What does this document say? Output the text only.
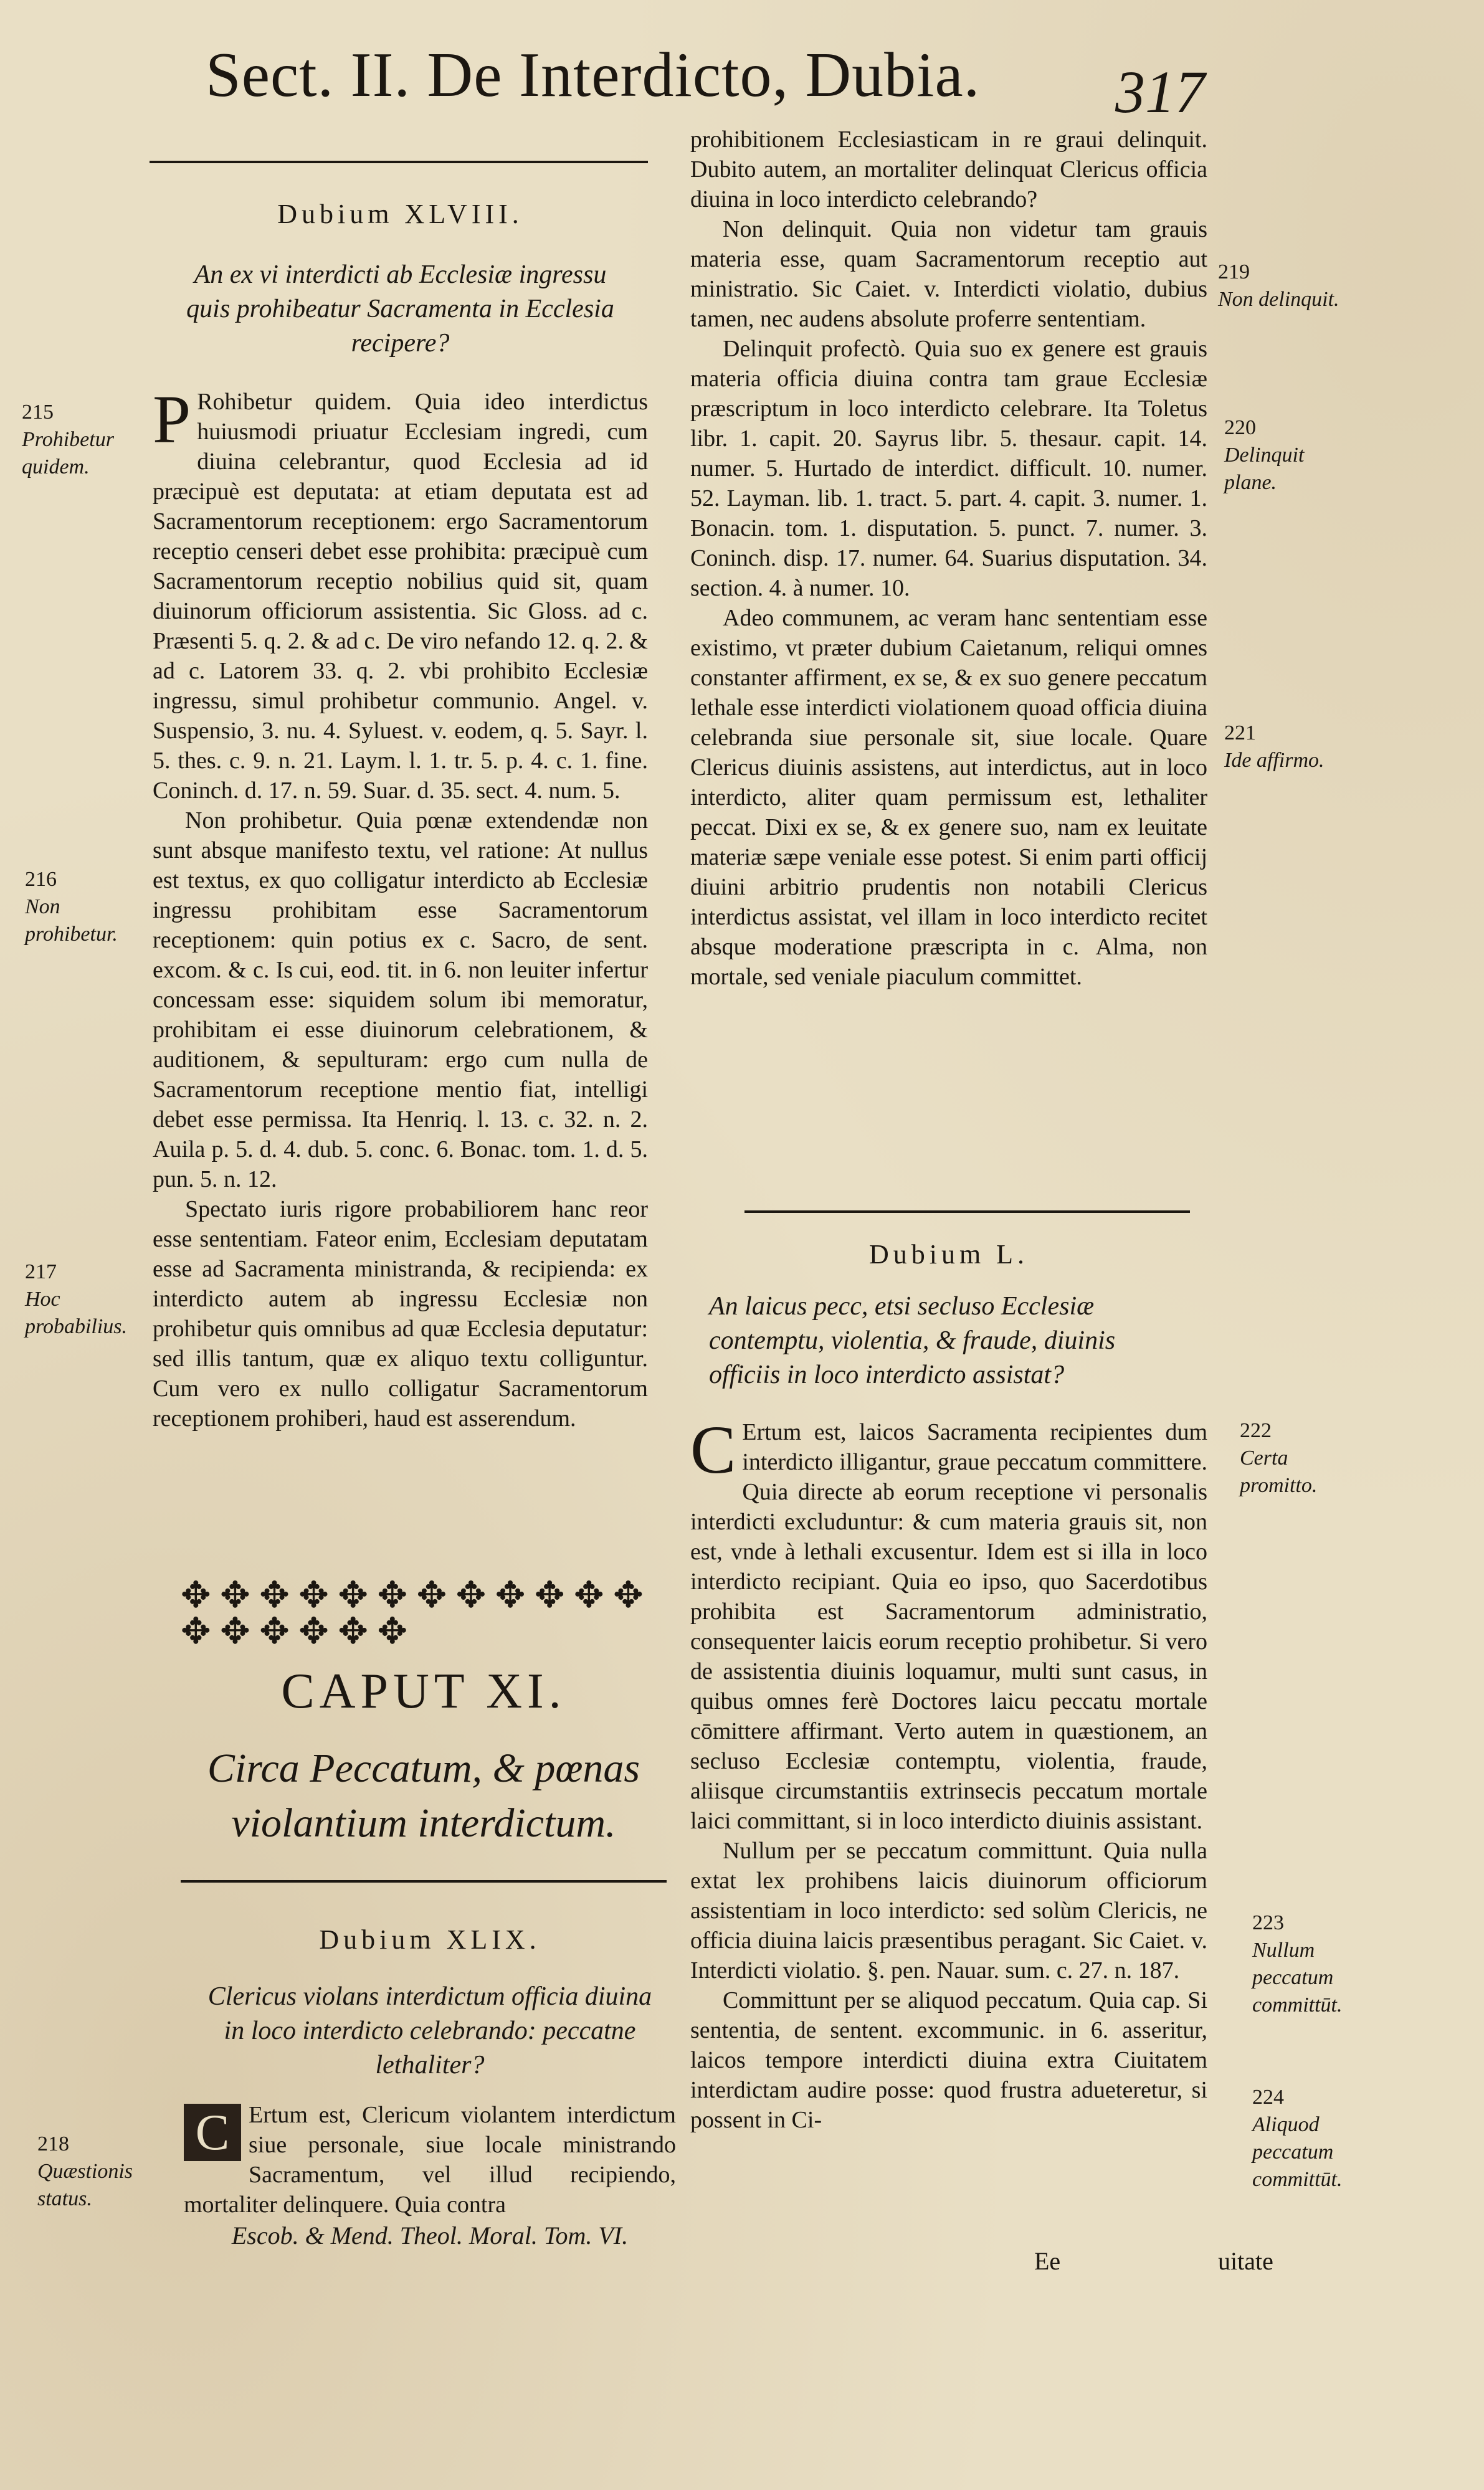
Sect. II. De Interdicto, Dubia. 317
Dubium XLVIII.
An ex vi interdicti ab Ecclesiæ ingressu quis prohibeatur Sacramenta in Ecclesia recipere?

P Rohibetur quidem. Quia ideo interdictus huiusmodi priuatur Ecclesiam ingredi, cum diuina celebrantur, quod Ecclesia ad id præcipuè est deputata: at etiam deputata est ad Sacramentorum receptionem: ergo Sacramentorum receptio censeri debet esse prohibita: præcipuè cum Sacramentorum receptio nobilius quid sit, quam diuinorum officiorum assistentia. Sic Gloss. ad c. Præsenti 5. q. 2. & ad c. De viro nefando 12. q. 2. & ad c. Latorem 33. q. 2. vbi prohibito Ecclesiæ ingressu, simul prohibetur communio. Angel. v. Suspensio, 3. nu. 4. Syluest. v. eodem, q. 5. Sayr. l. 5. thes. c. 9. n. 21. Laym. l. 1. tr. 5. p. 4. c. 1. fine. Coninch. d. 17. n. 59. Suar. d. 35. sect. 4. num. 5.

Non prohibetur. Quia pœnæ extendendæ non sunt absque manifesto textu, vel ratione: At nullus est textus, ex quo colligatur interdicto ab Ecclesiæ ingressu prohibitam esse Sacramentorum receptionem: quin potius ex c. Sacro, de sent. excom. & c. Is cui, eod. tit. in 6. non leuiter infertur concessam esse: siquidem solum ibi memoratur, prohibitam ei esse diuinorum celebrationem, & auditionem, & sepulturam: ergo cum nulla de Sacramentorum receptione mentio fiat, intelligi debet esse permissa. Ita Henriq. l. 13. c. 32. n. 2. Auila p. 5. d. 4. dub. 5. conc. 6. Bonac. tom. 1. d. 5. pun. 5. n. 12.

Spectato iuris rigore probabiliorem hanc reor esse sententiam. Fateor enim, Ecclesiam deputatam esse ad Sacramenta ministranda, & recipienda: ex interdicto autem ab ingressu Ecclesiæ non prohibetur quis omnibus ad quæ Ecclesia deputatur: sed illis tantum, quæ ex aliquo textu colliguntur. Cum vero ex nullo colligatur Sacramentorum receptionem prohiberi, haud est asserendum.

✥ ✥ ✥ ✥ ✥ ✥ ✥ ✥ ✥ ✥ ✥ ✥ ✥ ✥ ✥ ✥ ✥ ✥
CAPUT XI.
Circa Peccatum, & pœnas violantium interdictum.
Dubium XLIX.
Clericus violans interdictum officia diuina in loco interdicto celebrando: peccatne lethaliter?

C Ertum est, Clericum violantem interdictum siue personale, siue locale ministrando Sacramentum, vel illud recipiendo, mortaliter delinquere. Quia contra

Escob. & Mend. Theol. Moral. Tom. VI.

prohibitionem Ecclesiasticam in re graui delinquit. Dubito autem, an mortaliter delinquat Clericus officia diuina in loco interdicto celebrando?

Non delinquit. Quia non videtur tam grauis materia esse, quam Sacramentorum receptio aut ministratio. Sic Caiet. v. Interdicti violatio, dubius tamen, nec audens absolute proferre sententiam.

Delinquit profectò. Quia suo ex genere est grauis materia officia diuina contra tam graue Ecclesiæ præscriptum in loco interdicto celebrare. Ita Toletus libr. 1. capit. 20. Sayrus libr. 5. thesaur. capit. 14. numer. 5. Hurtado de interdict. difficult. 10. numer. 52. Layman. lib. 1. tract. 5. part. 4. capit. 3. numer. 1. Bonacin. tom. 1. disputation. 5. punct. 7. numer. 3. Coninch. disp. 17. numer. 64. Suarius disputation. 34. section. 4. à numer. 10.

Adeo communem, ac veram hanc sententiam esse existimo, vt præter dubium Caietanum, reliqui omnes constanter affirment, ex se, & ex suo genere peccatum lethale esse interdicti violationem quoad officia diuina celebranda siue personale sit, siue locale. Quare Clericus diuinis assistens, aut interdictus, aut in loco interdicto, aliter quam permissum est, lethaliter peccat. Dixi ex se, & ex genere suo, nam ex leuitate materiæ sæpe veniale esse potest. Si enim parti officij diuini arbitrio prudentis non notabili Clericus interdictus assistat, vel illam in loco interdicto recitet absque moderatione præscripta in c. Alma, non mortale, sed veniale piaculum committet.

Dubium L.
An laicus pecc, etsi secluso Ecclesiæ contemptu, violentia, & fraude, diuinis officiis in loco interdicto assistat?

C Ertum est, laicos Sacramenta recipientes dum interdicto illigantur, graue peccatum committere. Quia directe ab eorum receptione vi personalis interdicti excluduntur: & cum materia grauis sit, non est, vnde à lethali excusentur. Idem est si illa in loco interdicto recipiant. Quia eo ipso, quo Sacerdotibus prohibita est Sacramentorum administratio, consequenter laicis eorum receptio prohibetur. Si vero de assistentia diuinis loquamur, multi sunt casus, in quibus omnes ferè Doctores laicu peccatu mortale cōmittere affirmant. Verto autem in quæstionem, an secluso Ecclesiæ contemptu, violentia, fraude, aliisque circumstantiis extrinsecis peccatum mortale laici committant, si in loco interdicto diuinis assistant.

Nullum per se peccatum committunt. Quia nulla extat lex prohibens laicis diuinorum officiorum assistentiam in loco interdicto: sed solùm Clericis, ne officia diuina laicis præsentibus peragant. Sic Caiet. v. Interdicti violatio. §. pen. Nauar. sum. c. 27. n. 187.

Committunt per se aliquod peccatum. Quia cap. Si sententia, de sentent. excommunic. in 6. asseritur, laicos tempore interdicti diuina extra Ciuitatem interdictam audire posse: quod frustra adueteretur, si possent in Ci-

Ee	uitate
215
Prohibetur quidem.
216
Non prohibetur.
217
Hoc probabilius.
218
Quæstionis status.
219
Non delinquit.
220
Delinquit plane.
221
Ide affirmo.
222
Certa promitto.
223
Nullum peccatum committūt.
224
Aliquod peccatum committūt.
